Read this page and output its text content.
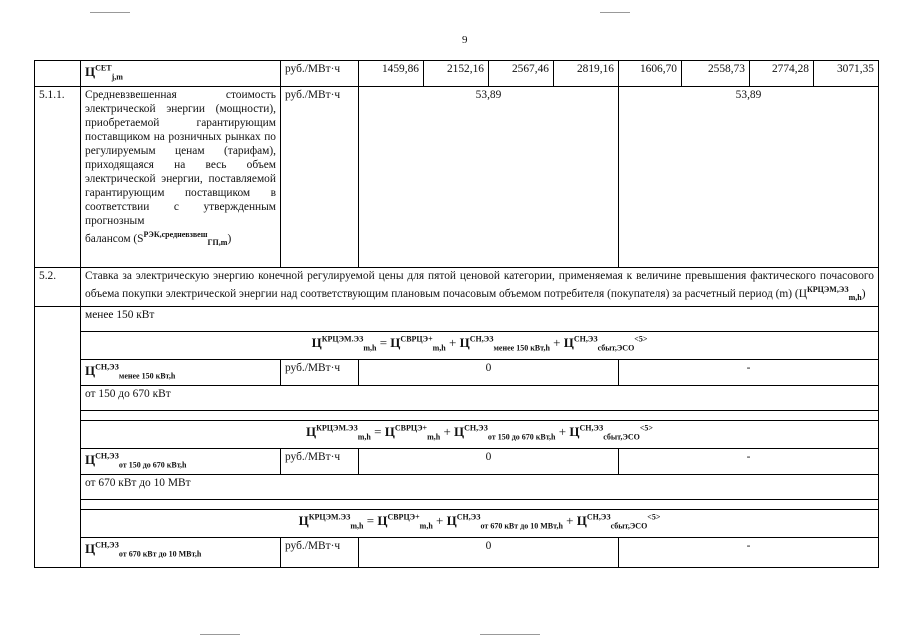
9
	$Ц^{СЕТ}_{j,m}$	руб./МВт·ч	1459,86	2152,16	2567,46	2819,16	1606,70	2558,73	2774,28	3071,35
5.1.1.	Средневзвешенная стоимость электрической энергии (мощности), приобретаемой гарантирующим поставщиком на розничных рынках по регулируемым ценам (тарифам), приходящаяся на весь объем электрической энергии, поставляемой гарантирующим поставщиком в соответствии с утвержденным прогнозным
балансом $(S^{РЭК,средневзвеш}_{ГП,m})$	руб./МВт·ч	53,89				53,89			
5.2.	Ставка за электрическую энергию конечной регулируемой цены для пятой ценовой категории, применяемая к величине превышения фактического почасового объема покупки электрической энергии над соответствующим плановым почасовым объемом потребителя (покупателя) за расчетный период (m) $(Ц^{КРЦЭМ,ЭЗ}_{m,h})$									
	менее 150 кВт									
	$Ц^{КРЦЭМ.ЭЗ}_{m,h} = Ц^{СВРЦЭ+}_{m,h} + Ц^{СН,ЭЗ}_{менее 150 кВт,h} + Ц^{СН,ЭЗ}_{сбыт,ЭСО}^{<5>}$
	$Ц^{СН,ЭЗ}_{менее 150 кВт,h}$	руб./МВт·ч	0				-			
	от 150 до 670 кВт									

	$Ц^{КРЦЭМ.ЭЗ}_{m,h} = Ц^{СВРЦЭ+}_{m,h} + Ц^{СН,ЭЗ}_{от 150 до 670 кВт,h} + Ц^{СН,ЭЗ}_{сбыт,ЭСО}^{<5>}$
	$Ц^{СН,ЭЗ}_{от 150 до 670 кВт,h}$	руб./МВт·ч	0				-			
	от 670 кВт до 10 МВт									

	$Ц^{КРЦЭМ.ЭЗ}_{m,h} = Ц^{СВРЦЭ+}_{m,h} + Ц^{СН,ЭЗ}_{от 670 кВт до 10 МВт,h} + Ц^{СН,ЭЗ}_{сбыт,ЭСО}^{<5>}$
	$Ц^{СН,ЭЗ}_{от 670 кВт до 10 МВт,h}$	руб./МВт·ч	0				-			
